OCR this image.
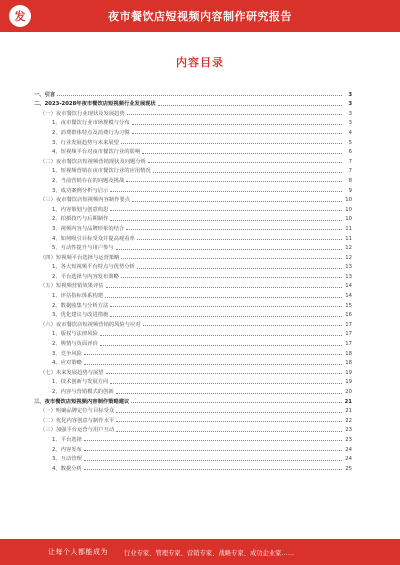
发	夜市餐饮店短视频内容制作研究报告
内容目录
一、引言	3
二、2023-2028年夜市餐饮店短视频行业发展现状	3
（一）夜市餐饮行业现状及发展趋势	3
1、夜市餐饮行业市场规模与分布	3
2、消费群体特点及消费行为习惯	4
3、行业发展趋势与未来展望	5
4、短视频平台对夜市餐饮行业的影响	6
（二）夜市餐饮店短视频营销现状及问题分析	7
1、短视频营销在夜市餐饮行业的应用情况	7
2、当前营销存在的问题及挑战	8
3、成功案例分析与启示	9
（三）夜市餐饮店短视频内容制作要点	10
1、内容策划与创意构思	10
2、拍摄技巧与后期制作	10
3、视频内容与品牌形象的结合	11
4、如何吸引目标受众并提高观看率	11
5、互动性提升与用户参与	12
（四）短视频平台选择与运营策略	12
1、各大短视频平台特点与优势分析	13
2、平台选择与内容发布策略	13
（五）短视频营销效果评估	14
1、评估指标体系构建	14
2、数据收集与分析方法	15
3、优化建议与改进措施	16
（六）夜市餐饮店短视频营销的风险与应对	17
1、版权与法律风险	17
2、舆情与负面评价	17
3、竞争风险	18
4、应对策略	18
（七）未来发展趋势与展望	19
1、技术创新与发展方向	19
2、内容与营销模式的创新	20
三、夜市餐饮店短视频内容制作策略建议	21
（一）明确品牌定位与目标受众	21
（二）优化内容创意与制作水平	22
（三）加强平台运营与用户互动	23
1、平台选择	23
2、内容发布	24
3、互动管理	24
4、数据分析	25
让每个人都能成为	行业专家、管理专家、营销专家、战略专家、成功企业家……
